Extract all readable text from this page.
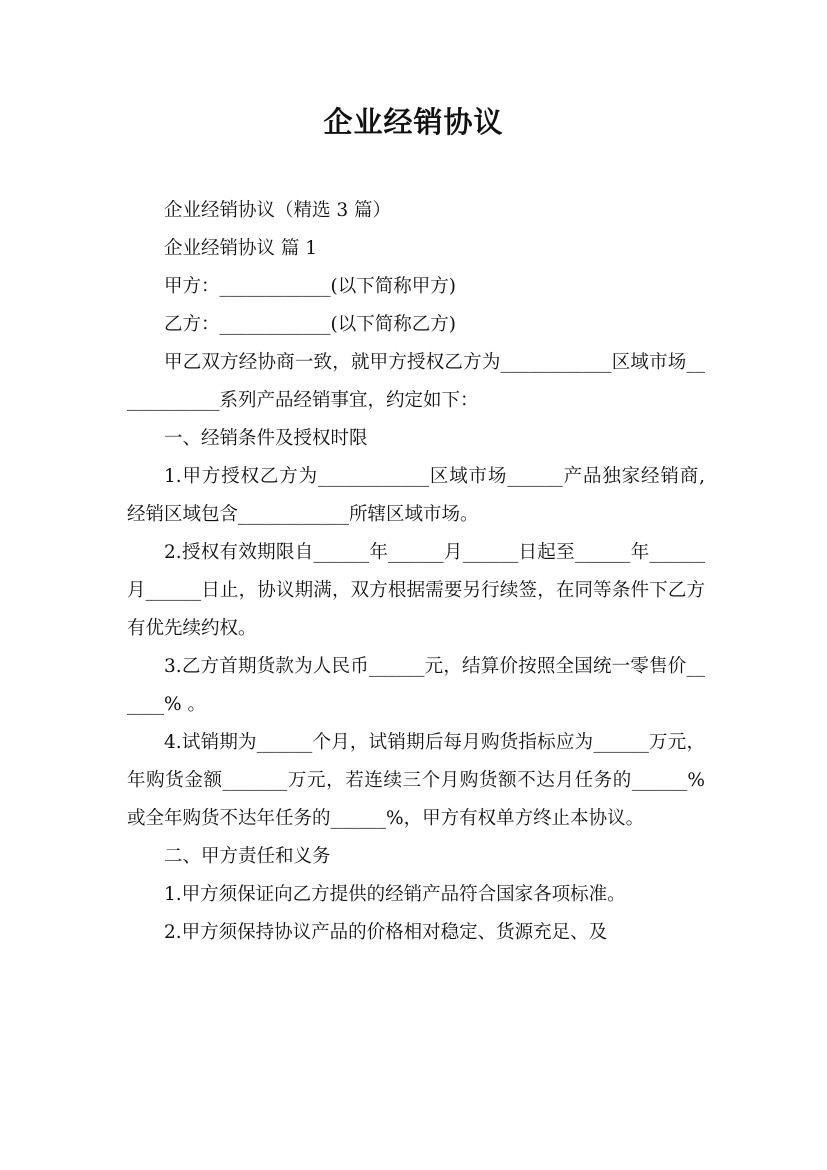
企业经销协议

企业经销协议（精选 3 篇）

企业经销协议 篇 1

甲方：____________(以下简称甲方)

乙方：____________(以下简称乙方)

甲乙双方经协商一致，就甲方授权乙方为____________区域市场____________系列产品经销事宜，约定如下：

一、经销条件及授权时限

1.甲方授权乙方为____________区域市场______产品独家经销商,经销区域包含____________所辖区域市场。

2.授权有效期限自______年______月______日起至______年______月______日止，协议期满，双方根据需要另行续签，在同等条件下乙方有优先续约权。

3.乙方首期货款为人民币______元，结算价按照全国统一零售价______% 。

4.试销期为______个月，试销期后每月购货指标应为______万元，年购货金额_______万元，若连续三个月购货额不达月任务的______%或全年购货不达年任务的______%，甲方有权单方终止本协议。

二、甲方责任和义务

1.甲方须保证向乙方提供的经销产品符合国家各项标准。

2.甲方须保持协议产品的价格相对稳定、货源充足、及
